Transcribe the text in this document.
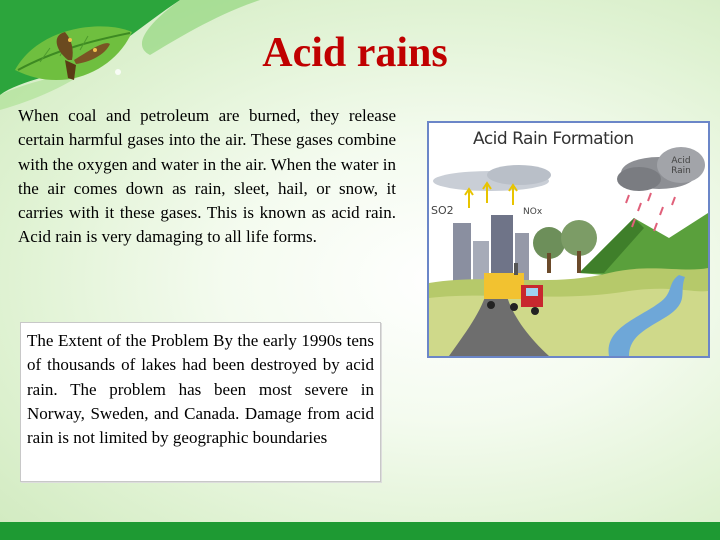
Acid rains

When coal and petroleum are burned, they release certain harmful gases into the air. These gases combine with the oxygen and water in the air. When the water in the air comes down as rain, sleet, hail, or snow, it carries with it these gases. This is known as acid rain. Acid rain is very damaging to all life forms.

The Extent of the Problem By the early 1990s tens of thousands of lakes had been destroyed by acid rain. The problem has been most severe in Norway, Sweden, and Canada. Damage from acid rain is not limited by geographic boundaries
Acid Rain Formation
SO2	NOx
Acid Rain
